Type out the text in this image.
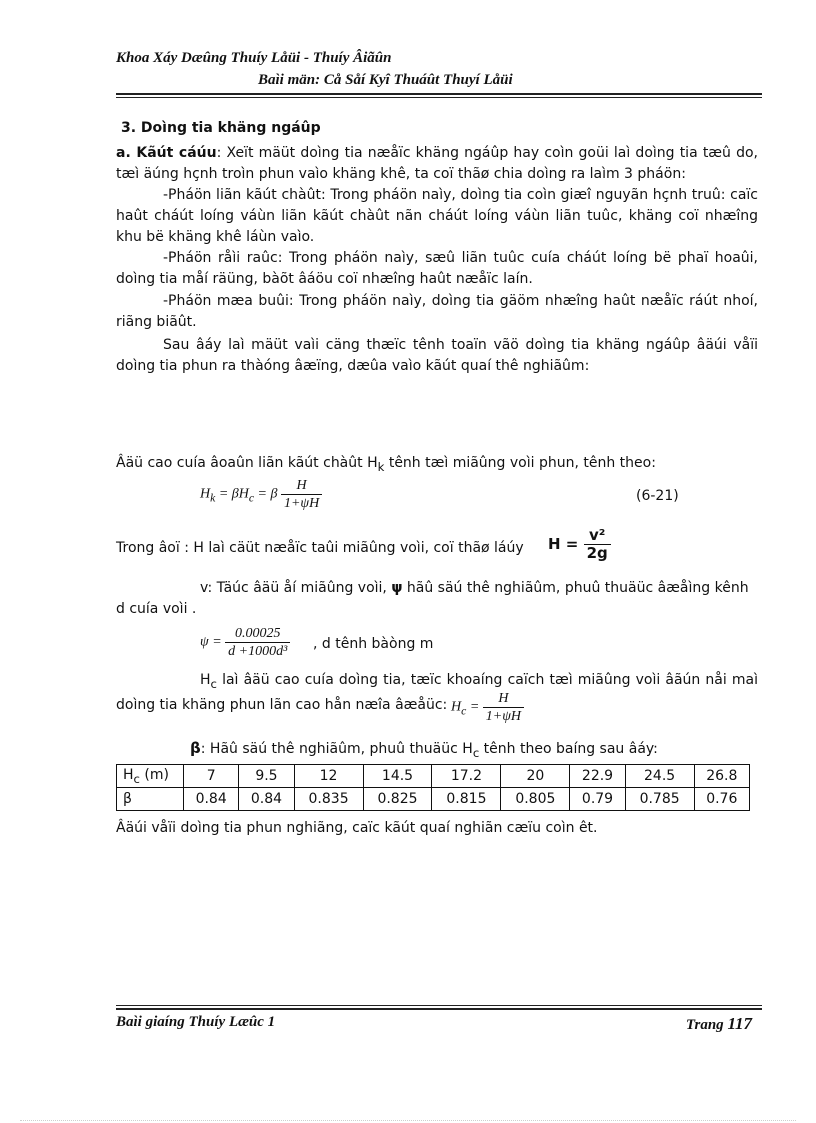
Khoa Xáy Dæûng Thuíy Låüi - Thuíy Âiãûn
Baìi män: Cå Såí Kyî Thuáût Thuyí Låüi
3. Doìng tia khäng ngáûp
a. Kãút cáúu: Xeït mäüt doìng tia næåïc khäng ngáûp hay coìn goüi laì doìng tia tæû do, tæì äúng hçnh troìn phun vaìo khäng khê, ta coï thãø chia doìng ra laìm 3 pháön:
-Pháön liãn kãút chàût: Trong pháön naìy, doìng tia coìn giæî nguyãn hçnh truû: caïc haût cháút loíng váùn liãn kãút chàût nãn cháút loíng váùn liãn tuûc, khäng coï nhæîng khu bë khäng khê láùn vaìo.
-Pháön råìi raûc: Trong pháön naìy, sæû liãn tuûc cuía cháút loíng bë phaï hoaûi, doìng tia måí räüng, bàõt âáöu coï nhæîng haût næåïc laín.
-Pháön mæa buûi: Trong pháön naìy, doìng tia gäöm nhæîng haût næåïc ráút nhoí, riãng biãût.
Sau âáy laì mäüt vaìi cäng thæïc tênh toaïn vãö doìng tia khäng ngáûp âäúi våïi doìng tia phun ra thàóng âæïng, dæûa vaìo kãút quaí thê nghiãûm:
Âäü cao cuía âoaûn liãn kãút chàût $H_k$ tênh tæì miãûng voìi phun, tênh theo:
$H_k = \beta H_c = \beta \frac{H}{1+\psi H}$	(6-21)
Trong âoï : H laì cäüt næåïc taûi miãûng voìi, coï thãø láúy $H = \frac{\text{v²}}{2g}$
v: Täúc âäü åí miãûng voìi, ψ hãû säú thê nghiãûm, phuû thuäüc âæåìng kênh d cuía voìi .
$\psi = \frac{0.00025}{\text{d +1000d³}}$ , d tênh bàòng m
$H_c$ laì âäü cao cuía doìng tia, tæïc khoaíng caïch tæì miãûng voìi âãún nåi maì doìng tia khäng phun lãn cao hån næîa âæåüc: $H_c = \frac{H}{1+\psi H}$
β: Hãû säú thê nghiãûm, phuû thuäüc $H_c$ tênh theo baíng sau âáy:
$H_c$ (m)	7	9.5	12	14.5	17.2	20	22.9	24.5	26.8
β	0.84	0.84	0.835	0.825	0.815	0.805	0.79	0.785	0.76
Âäúi våïi doìng tia phun nghiãng, caïc kãút quaí nghiãn cæïu coìn êt.
Baìi giaíng Thuíy Læûc 1	Trang 117
